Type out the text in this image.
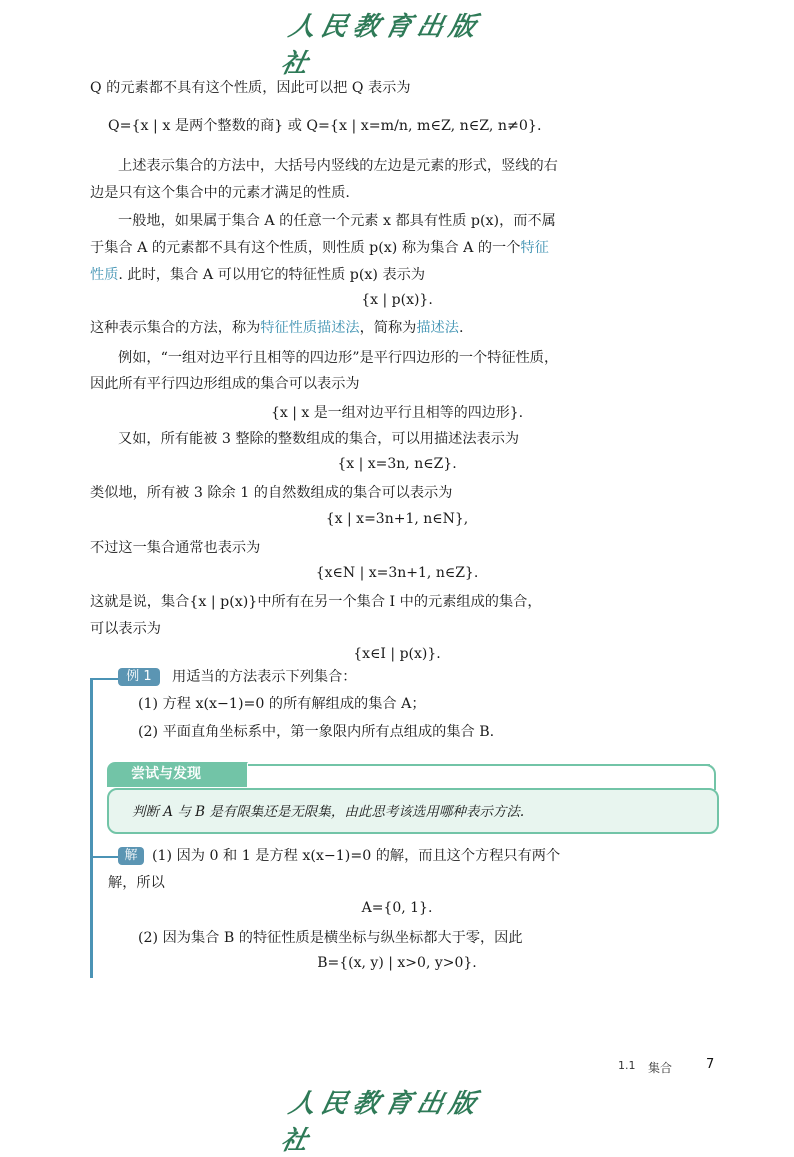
人民教育出版社
Q 的元素都不具有这个性质，因此可以把 Q 表示为
Q={x | x 是两个整数的商} 或 Q={x | x=m/n, m∈Z, n∈Z, n≠0}.
上述表示集合的方法中，大括号内竖线的左边是元素的形式，竖线的右
边是只有这个集合中的元素才满足的性质.
一般地，如果属于集合 A 的任意一个元素 x 都具有性质 p(x)，而不属
于集合 A 的元素都不具有这个性质，则性质 p(x) 称为集合 A 的一个特征
性质. 此时，集合 A 可以用它的特征性质 p(x) 表示为
{x | p(x)}.
这种表示集合的方法，称为特征性质描述法，简称为描述法.
例如，“一组对边平行且相等的四边形”是平行四边形的一个特征性质，
因此所有平行四边形组成的集合可以表示为
{x | x 是一组对边平行且相等的四边形}.
又如，所有能被 3 整除的整数组成的集合，可以用描述法表示为
{x | x=3n, n∈Z}.
类似地，所有被 3 除余 1 的自然数组成的集合可以表示为
{x | x=3n+1, n∈N},
不过这一集合通常也表示为
{x∈N | x=3n+1, n∈Z}.
这就是说，集合{x | p(x)}中所有在另一个集合 I 中的元素组成的集合，
可以表示为
{x∈I | p(x)}.
例 1	用适当的方法表示下列集合：
(1) 方程 x(x−1)=0 的所有解组成的集合 A；
(2) 平面直角坐标系中，第一象限内所有点组成的集合 B.
尝试与发现
判断 A 与 B 是有限集还是无限集，由此思考该选用哪种表示方法.
解	(1) 因为 0 和 1 是方程 x(x−1)=0 的解，而且这个方程只有两个
解，所以
A={0, 1}.
(2) 因为集合 B 的特征性质是横坐标与纵坐标都大于零，因此
B={(x, y) | x>0, y>0}.
1.1 集合	7
人民教育出版社
